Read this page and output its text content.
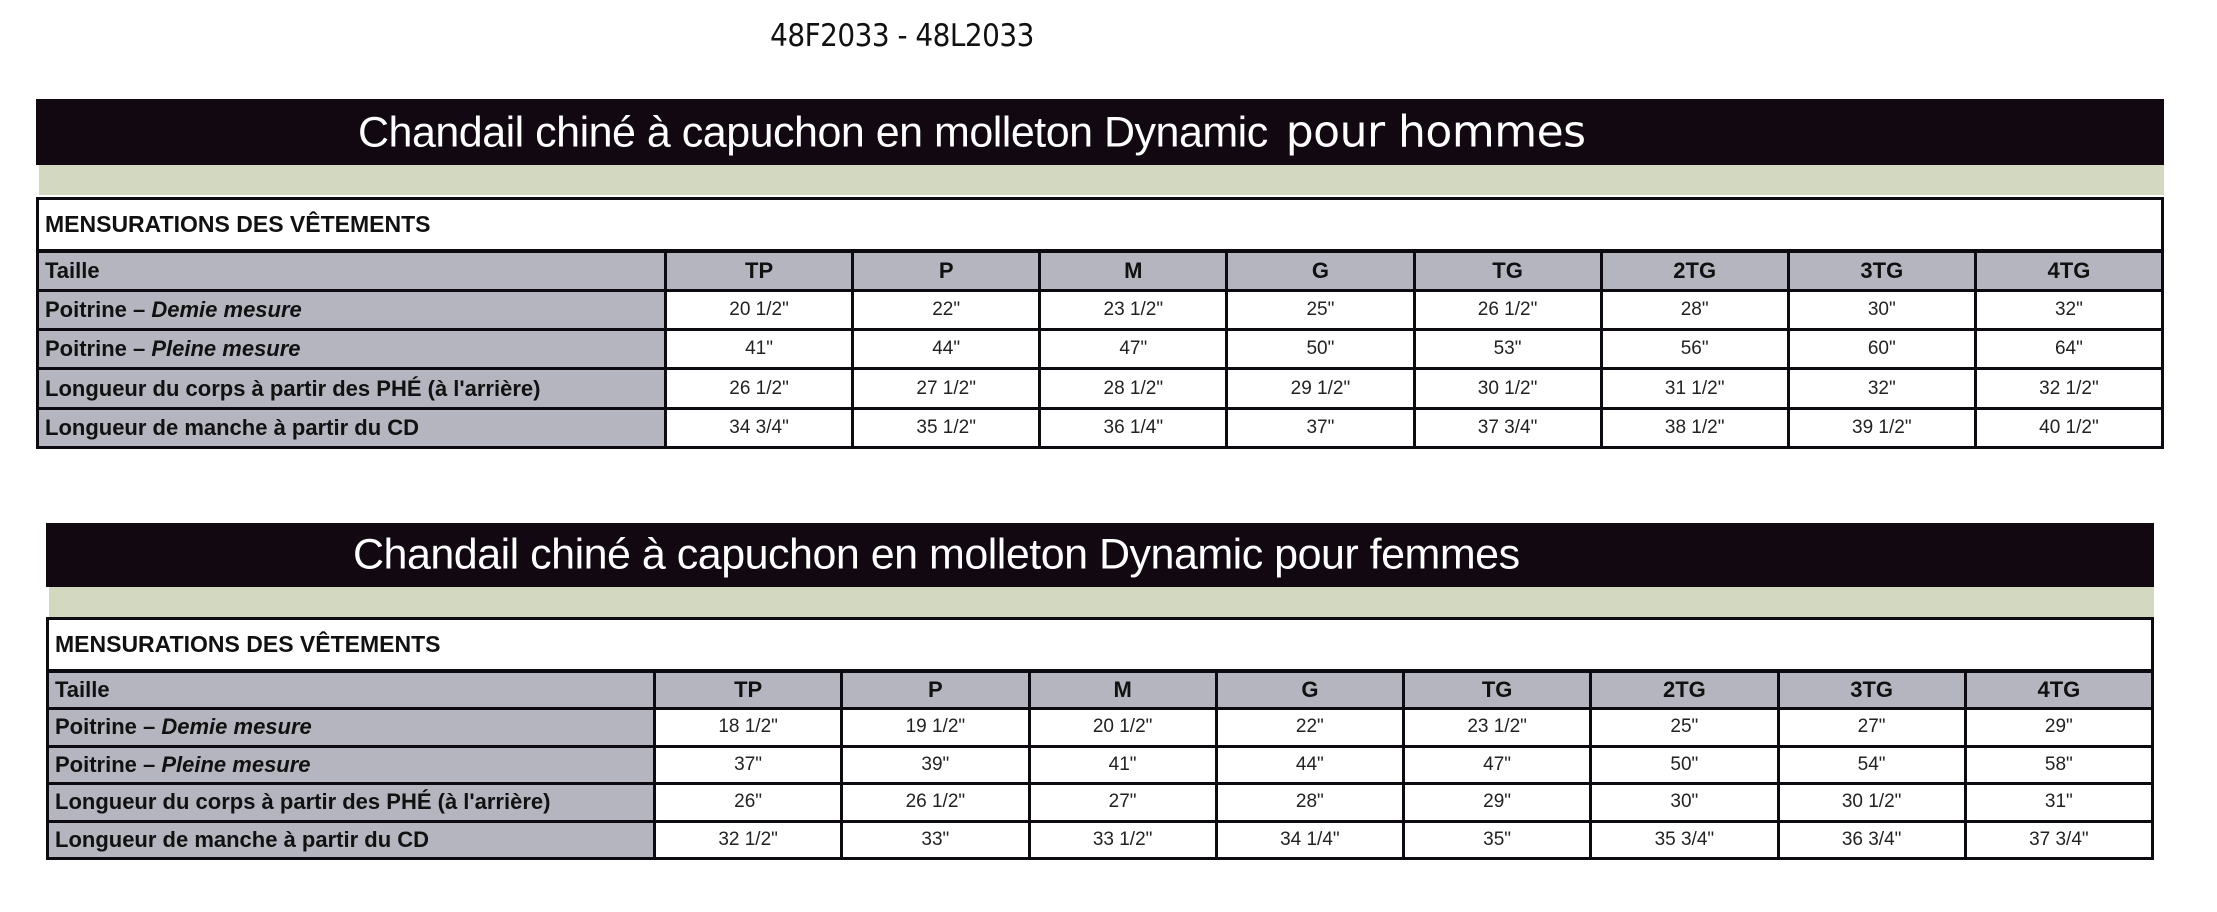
48F2033 - 48L2033
Chandail chiné à capuchon en molleton Dynamic pour hommes
MENSURATIONS DES VÊTEMENTS								
Taille	TP	P	M	G	TG	2TG	3TG	4TG
Poitrine – Demie mesure	20 1/2"	22"	23 1/2"	25"	26 1/2"	28"	30"	32"
Poitrine – Pleine mesure	41"	44"	47"	50"	53"	56"	60"	64"
Longueur du corps à partir des PHÉ (à l'arrière)	26 1/2"	27 1/2"	28 1/2"	29 1/2"	30 1/2"	31 1/2"	32"	32 1/2"
Longueur de manche à partir du CD	34 3/4"	35 1/2"	36 1/4"	37"	37 3/4"	38 1/2"	39 1/2"	40 1/2"
Chandail chiné à capuchon en molleton Dynamic pour femmes
MENSURATIONS DES VÊTEMENTS								
Taille	TP	P	M	G	TG	2TG	3TG	4TG
Poitrine – Demie mesure	18 1/2"	19 1/2"	20 1/2"	22"	23 1/2"	25"	27"	29"
Poitrine – Pleine mesure	37"	39"	41"	44"	47"	50"	54"	58"
Longueur du corps à partir des PHÉ (à l'arrière)	26"	26 1/2"	27"	28"	29"	30"	30 1/2"	31"
Longueur de manche à partir du CD	32 1/2"	33"	33 1/2"	34 1/4"	35"	35 3/4"	36 3/4"	37 3/4"
